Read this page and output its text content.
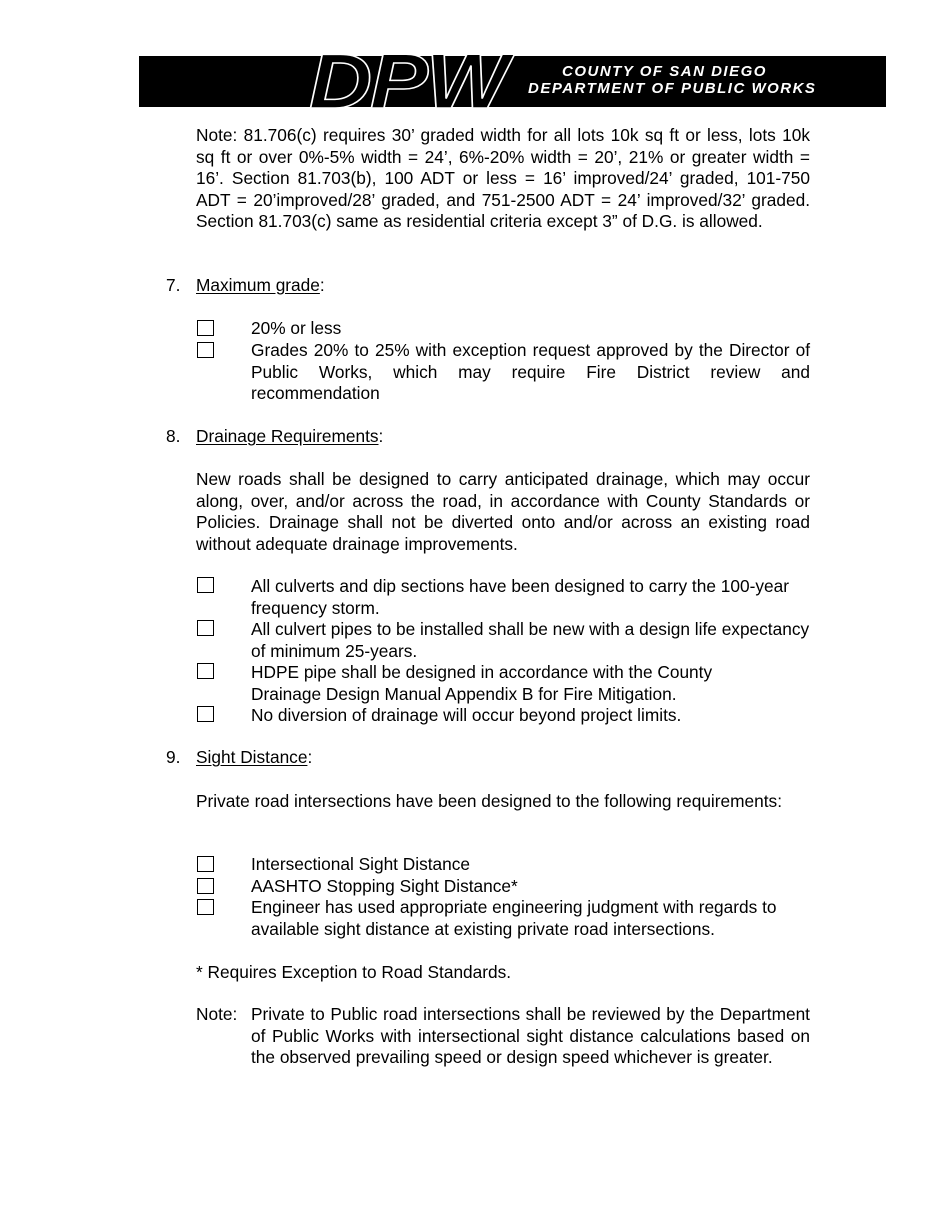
DPW	COUNTY OF SAN DIEGO
DEPARTMENT OF PUBLIC WORKS
Note: 81.706(c) requires 30’ graded width for all lots 10k sq ft or less, lots 10k sq ft or over 0%-5% width = 24’, 6%-20% width = 20’, 21% or greater width = 16’. Section 81.703(b), 100 ADT or less = 16’ improved/24’ graded, 101-750 ADT = 20’improved/28’ graded, and 751-2500 ADT = 24’ improved/32’ graded. Section 81.703(c) same as residential criteria except 3” of D.G. is allowed.
7. Maximum grade:
20% or less
Grades 20% to 25% with exception request approved by the Director of Public Works, which may require Fire District review and recommendation
8. Drainage Requirements:
New roads shall be designed to carry anticipated drainage, which may occur along, over, and/or across the road, in accordance with County Standards or Policies. Drainage shall not be diverted onto and/or across an existing road without adequate drainage improvements.
All culverts and dip sections have been designed to carry the 100-year frequency storm.
All culvert pipes to be installed shall be new with a design life expectancy of minimum 25-years.
HDPE pipe shall be designed in accordance with the County Drainage Design Manual Appendix B for Fire Mitigation.
No diversion of drainage will occur beyond project limits.
9. Sight Distance:
Private road intersections have been designed to the following requirements:
Intersectional Sight Distance
AASHTO Stopping Sight Distance*
Engineer has used appropriate engineering judgment with regards to available sight distance at existing private road intersections.
* Requires Exception to Road Standards.
Note: Private to Public road intersections shall be reviewed by the Department of Public Works with intersectional sight distance calculations based on the observed prevailing speed or design speed whichever is greater.
